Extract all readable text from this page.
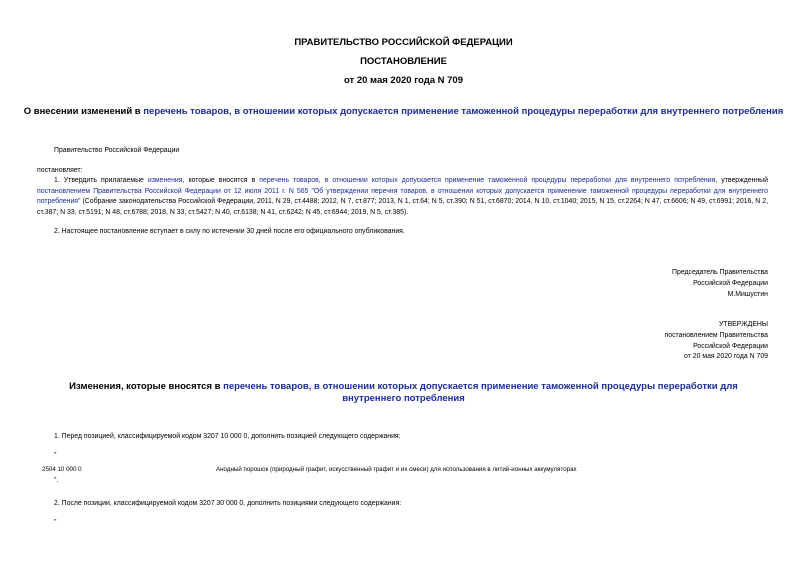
ПРАВИТЕЛЬСТВО РОССИЙСКОЙ ФЕДЕРАЦИИ
ПОСТАНОВЛЕНИЕ
от 20 мая 2020 года N 709
О внесении изменений в перечень товаров, в отношении которых допускается применение таможенной процедуры переработки для внутреннего потребления
Правительство Российской Федерации
постановляет:
1. Утвердить прилагаемые изменения, которые вносятся в перечень товаров, в отношении которых допускается применение таможенной процедуры переработки для внутреннего потребления, утвержденный постановлением Правительства Российской Федерации от 12 июля 2011 г. N 565 "Об утверждении перечня товаров, в отношении которых допускается применение таможенной процедуры переработки для внутреннего потребления" (Собрание законодательства Российской Федерации, 2011, N 29, ст.4488; 2012, N 7, ст.877; 2013, N 1, ст.64; N 5, ст.390; N 51, ст.6870; 2014, N 10, ст.1040; 2015, N 15, ст.2264; N 47, ст.6606; N 49, ст.6991; 2016, N 2, ст.387; N 33, ст.5191; N 48, ст.6788; 2018, N 33, ст.5427; N 40, ст.6138; N 41, ст.6242; N 45, ст.6944; 2019, N 5, ст.385).
2. Настоящее постановление вступает в силу по истечении 30 дней после его официального опубликования.
Председатель Правительства
Российской Федерации
М.Мишустин
УТВЕРЖДЕНЫ
постановлением Правительства
Российской Федерации
от 20 мая 2020 года N 709
Изменения, которые вносятся в перечень товаров, в отношении которых допускается применение таможенной процедуры переработки для внутреннего потребления
1. Перед позицией, классифицируемой кодом 3207 10 000 0, дополнить позицией следующего содержания:
"
2504 10 000 0	Анодный порошок (природный графит, искусственный графит и их смеси) для использования в литий-ионных аккумуляторах
".
2. После позиции, классифицируемой кодом 3207 30 000 0, дополнить позициями следующего содержания:
"
